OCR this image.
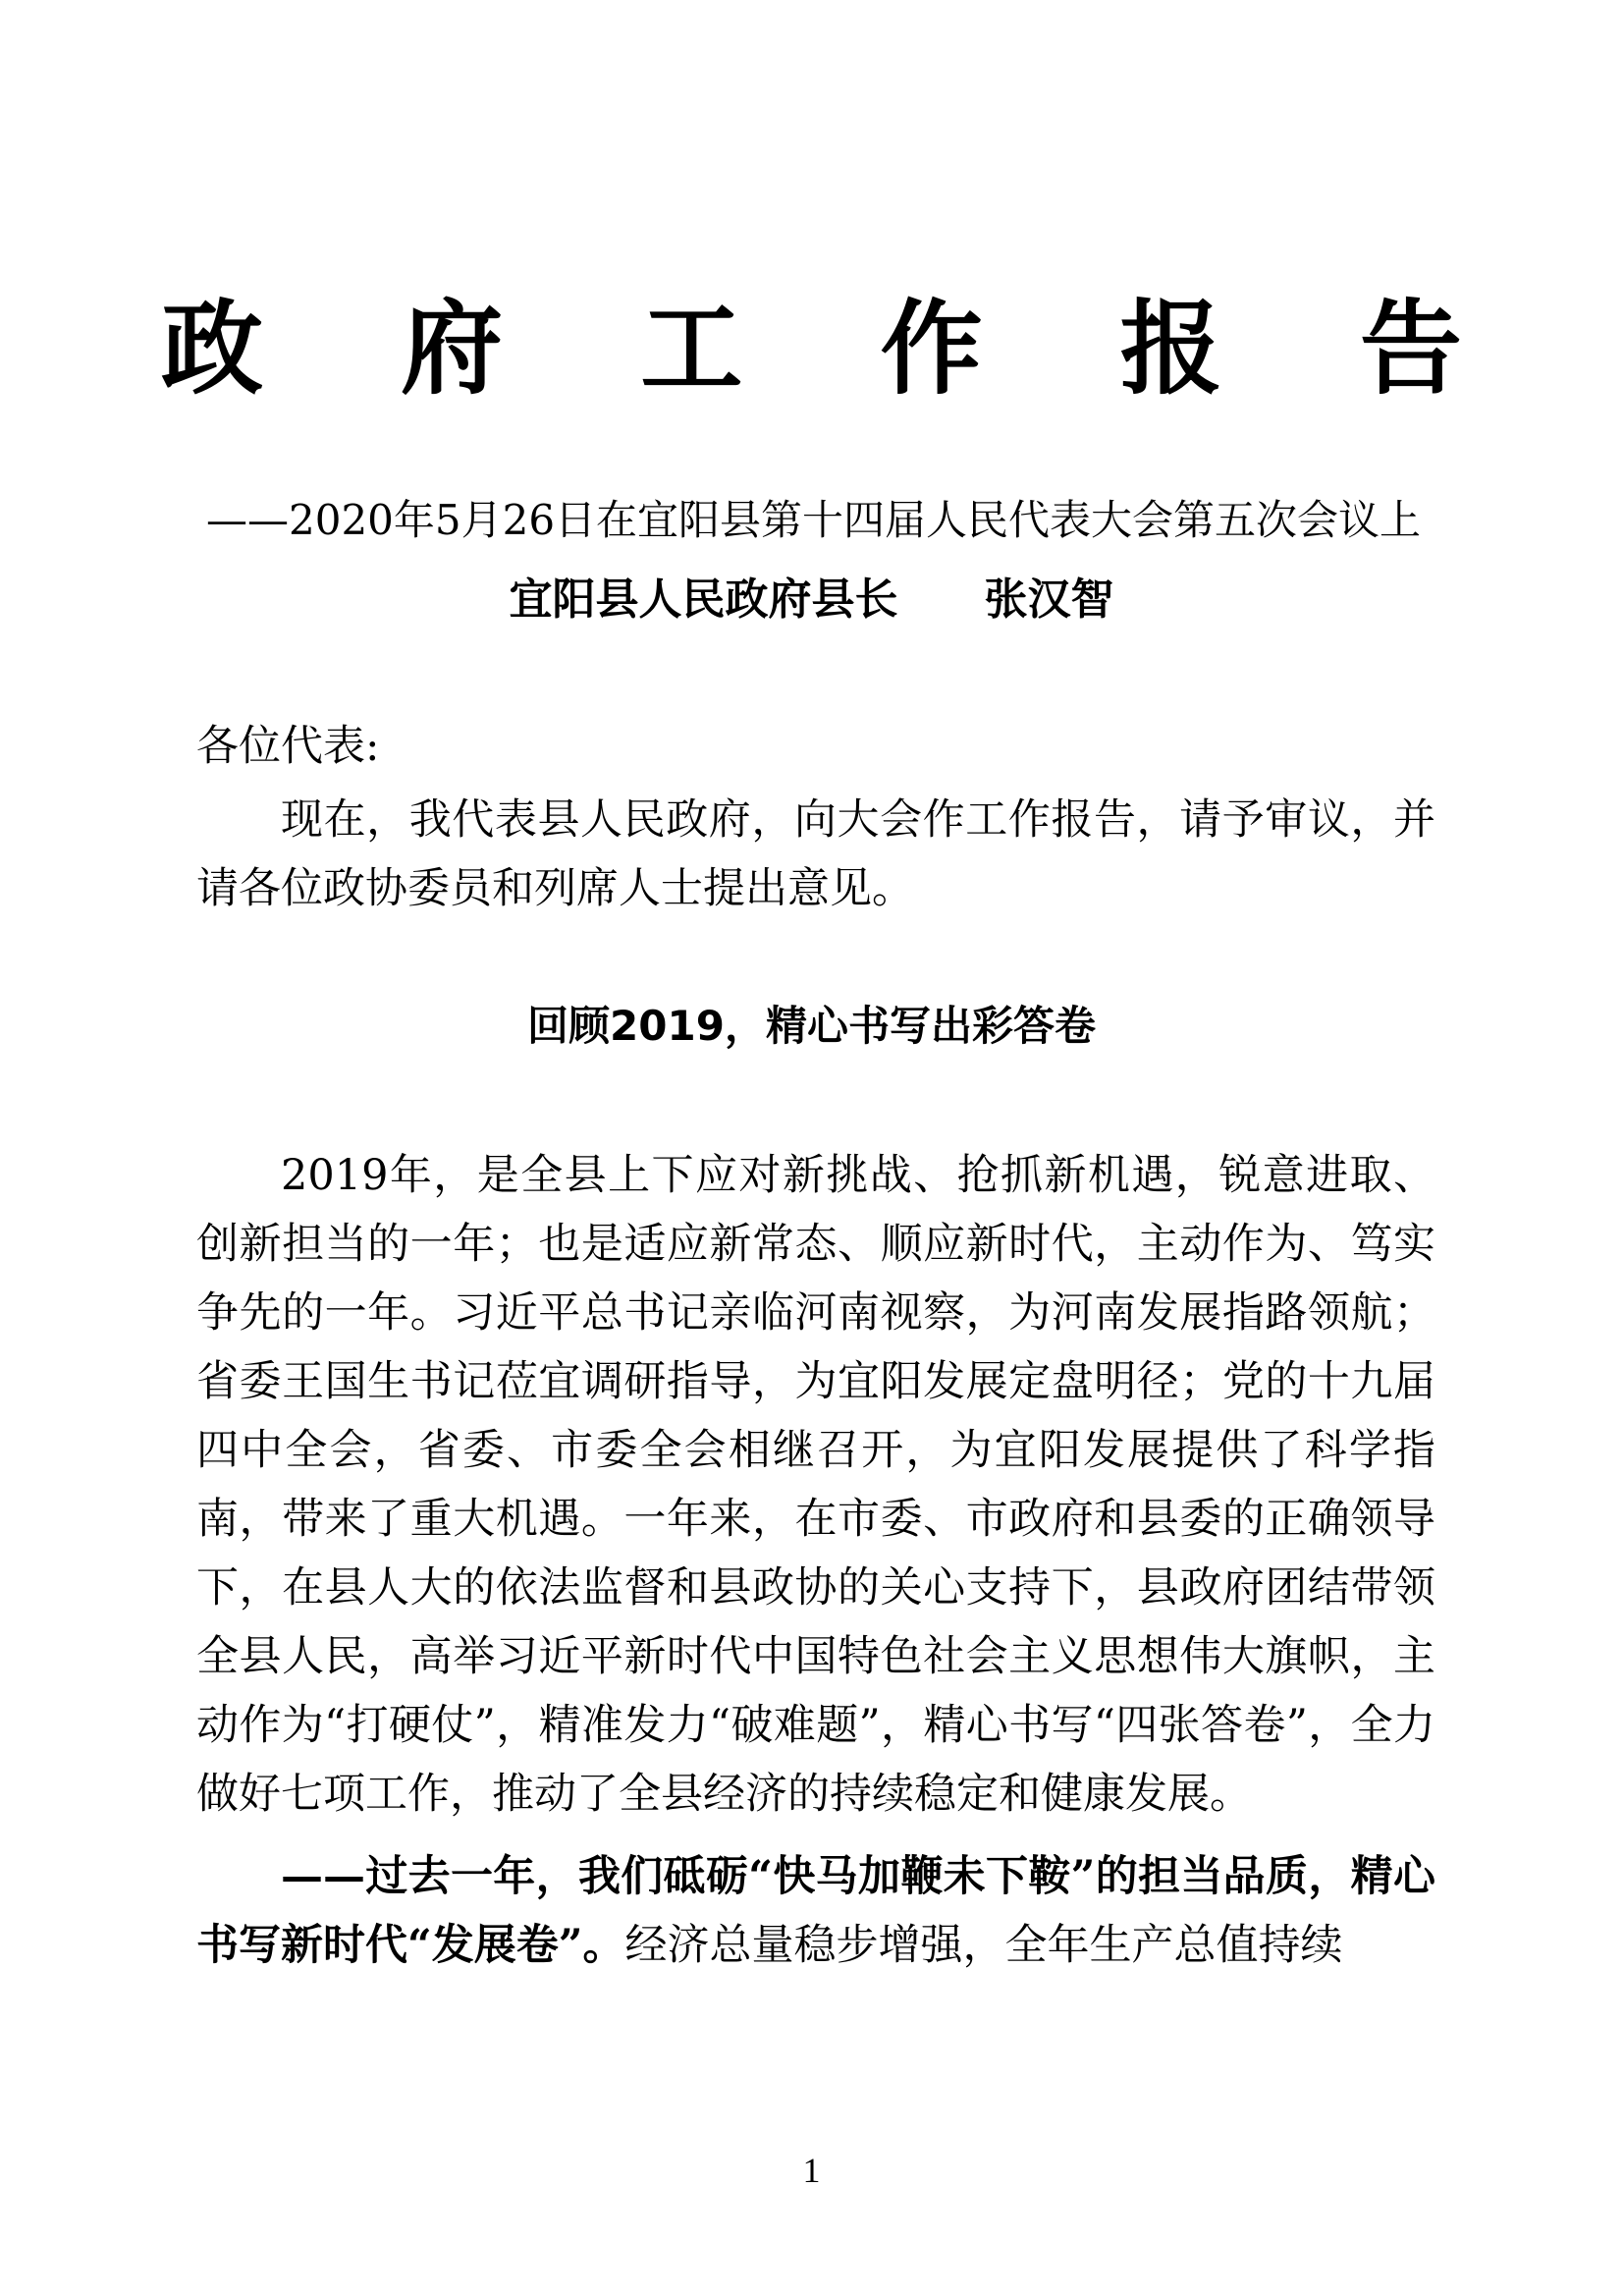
政 府 工 作 报 告

——2020年5月26日在宜阳县第十四届人民代表大会第五次会议上

宜阳县人民政府县长　　张汉智

各位代表:

现在，我代表县人民政府，向大会作工作报告，请予审议，并请各位政协委员和列席人士提出意见。

回顾2019，精心书写出彩答卷

2019年，是全县上下应对新挑战、抢抓新机遇，锐意进取、创新担当的一年；也是适应新常态、顺应新时代，主动作为、笃实争先的一年。习近平总书记亲临河南视察，为河南发展指路领航；省委王国生书记莅宜调研指导，为宜阳发展定盘明径；党的十九届四中全会，省委、市委全会相继召开，为宜阳发展提供了科学指南，带来了重大机遇。一年来，在市委、市政府和县委的正确领导下，在县人大的依法监督和县政协的关心支持下，县政府团结带领全县人民，高举习近平新时代中国特色社会主义思想伟大旗帜，主动作为“打硬仗”，精准发力“破难题”，精心书写“四张答卷”，全力做好七项工作，推动了全县经济的持续稳定和健康发展。

——过去一年，我们砥砺“快马加鞭未下鞍”的担当品质，精心书写新时代“发展卷”。经济总量稳步增强，全年生产总值持续

1
